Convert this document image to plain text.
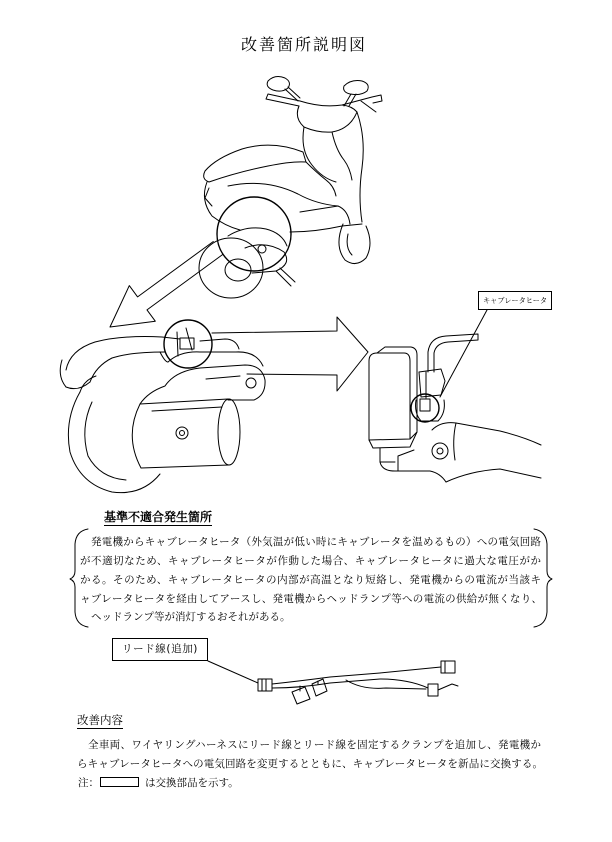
改善箇所説明図
キャブレータヒータ
基準不適合発生箇所
発電機からキャブレータヒータ（外気温が低い時にキャブレータを温めるもの）への電気回路
が不適切なため、キャブレータヒータが作動した場合、キャブレータヒータに過大な電圧がか
かる。そのため、キャブレータヒータの内部が高温となり短絡し、発電機からの電流が当該キ
ャブレータヒータを経由してアースし、発電機からヘッドランプ等への電流の供給が無くなり、
ヘッドランプ等が消灯するおそれがある。
リード線(追加)
改善内容
全車両、ワイヤリングハーネスにリード線とリード線を固定するクランプを追加し、発電機か
らキャブレータヒータへの電気回路を変更するとともに、キャブレータヒータを新品に交換する。
注：	は交換部品を示す。
